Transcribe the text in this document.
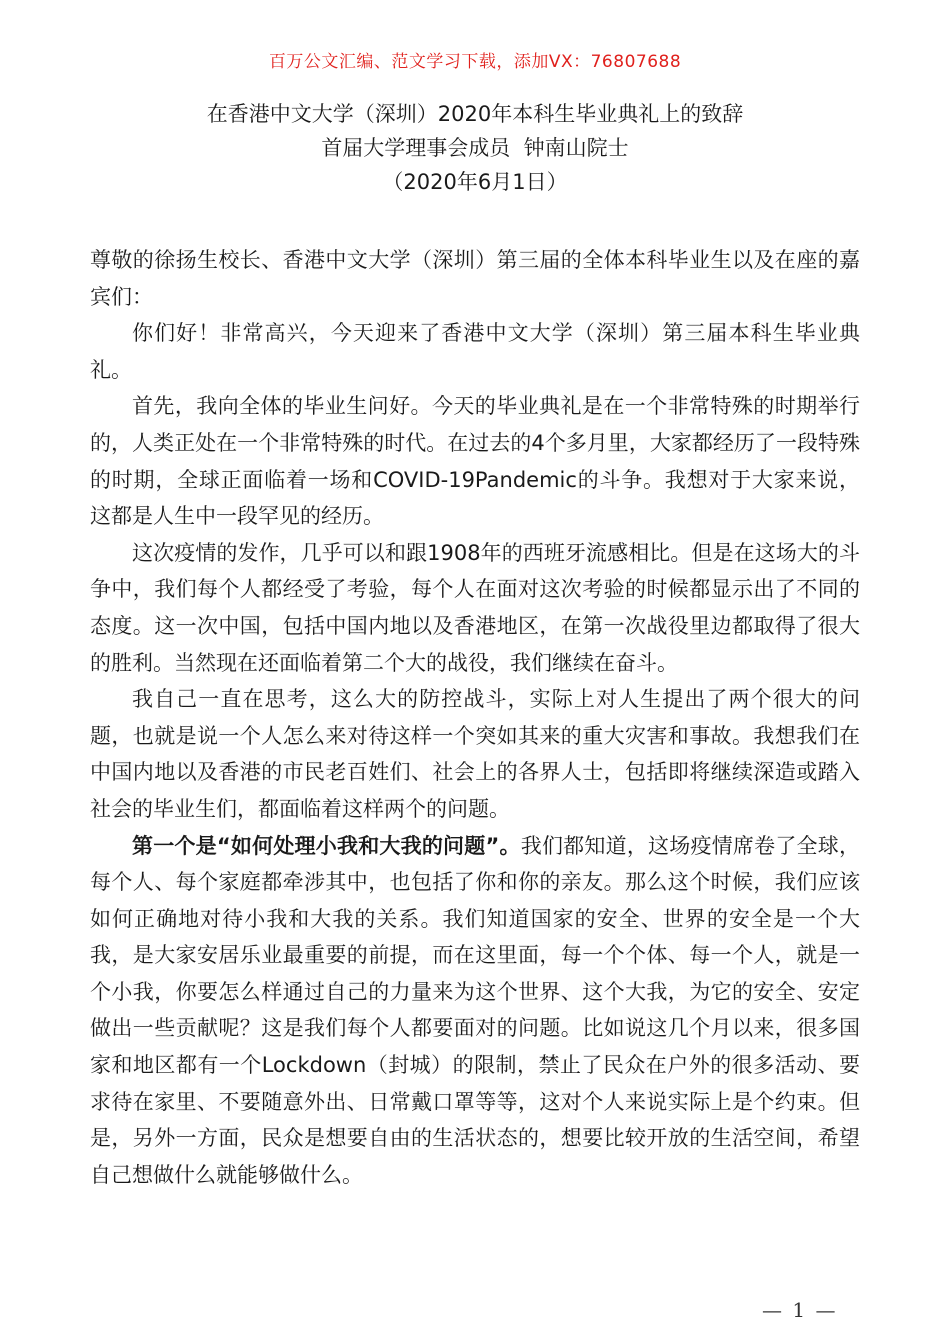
百万公文汇编、范文学习下载，添加VX：76807688
在香港中文大学（深圳）2020年本科生毕业典礼上的致辞
首届大学理事会成员  钟南山院士
（2020年6月1日）

尊敬的徐扬生校长、香港中文大学（深圳）第三届的全体本科毕业生以及在座的嘉宾们：

你们好！非常高兴，今天迎来了香港中文大学（深圳）第三届本科生毕业典礼。

首先，我向全体的毕业生问好。今天的毕业典礼是在一个非常特殊的时期举行的，人类正处在一个非常特殊的时代。在过去的4个多月里，大家都经历了一段特殊的时期，全球正面临着一场和COVID-19Pandemic的斗争。我想对于大家来说，这都是人生中一段罕见的经历。

这次疫情的发作，几乎可以和跟1908年的西班牙流感相比。但是在这场大的斗争中，我们每个人都经受了考验，每个人在面对这次考验的时候都显示出了不同的态度。这一次中国，包括中国内地以及香港地区，在第一次战役里边都取得了很大的胜利。当然现在还面临着第二个大的战役，我们继续在奋斗。

我自己一直在思考，这么大的防控战斗，实际上对人生提出了两个很大的问题，也就是说一个人怎么来对待这样一个突如其来的重大灾害和事故。我想我们在中国内地以及香港的市民老百姓们、社会上的各界人士，包括即将继续深造或踏入社会的毕业生们，都面临着这样两个的问题。

第一个是“如何处理小我和大我的问题”。我们都知道，这场疫情席卷了全球，每个人、每个家庭都牵涉其中，也包括了你和你的亲友。那么这个时候，我们应该如何正确地对待小我和大我的关系。我们知道国家的安全、世界的安全是一个大我，是大家安居乐业最重要的前提，而在这里面，每一个个体、每一个人，就是一个小我，你要怎么样通过自己的力量来为这个世界、这个大我，为它的安全、安定做出一些贡献呢？这是我们每个人都要面对的问题。比如说这几个月以来，很多国家和地区都有一个Lockdown（封城）的限制，禁止了民众在户外的很多活动、要求待在家里、不要随意外出、日常戴口罩等等，这对个人来说实际上是个约束。但是，另外一方面，民众是想要自由的生活状态的，想要比较开放的生活空间，希望自己想做什么就能够做什么。

— 1 —
